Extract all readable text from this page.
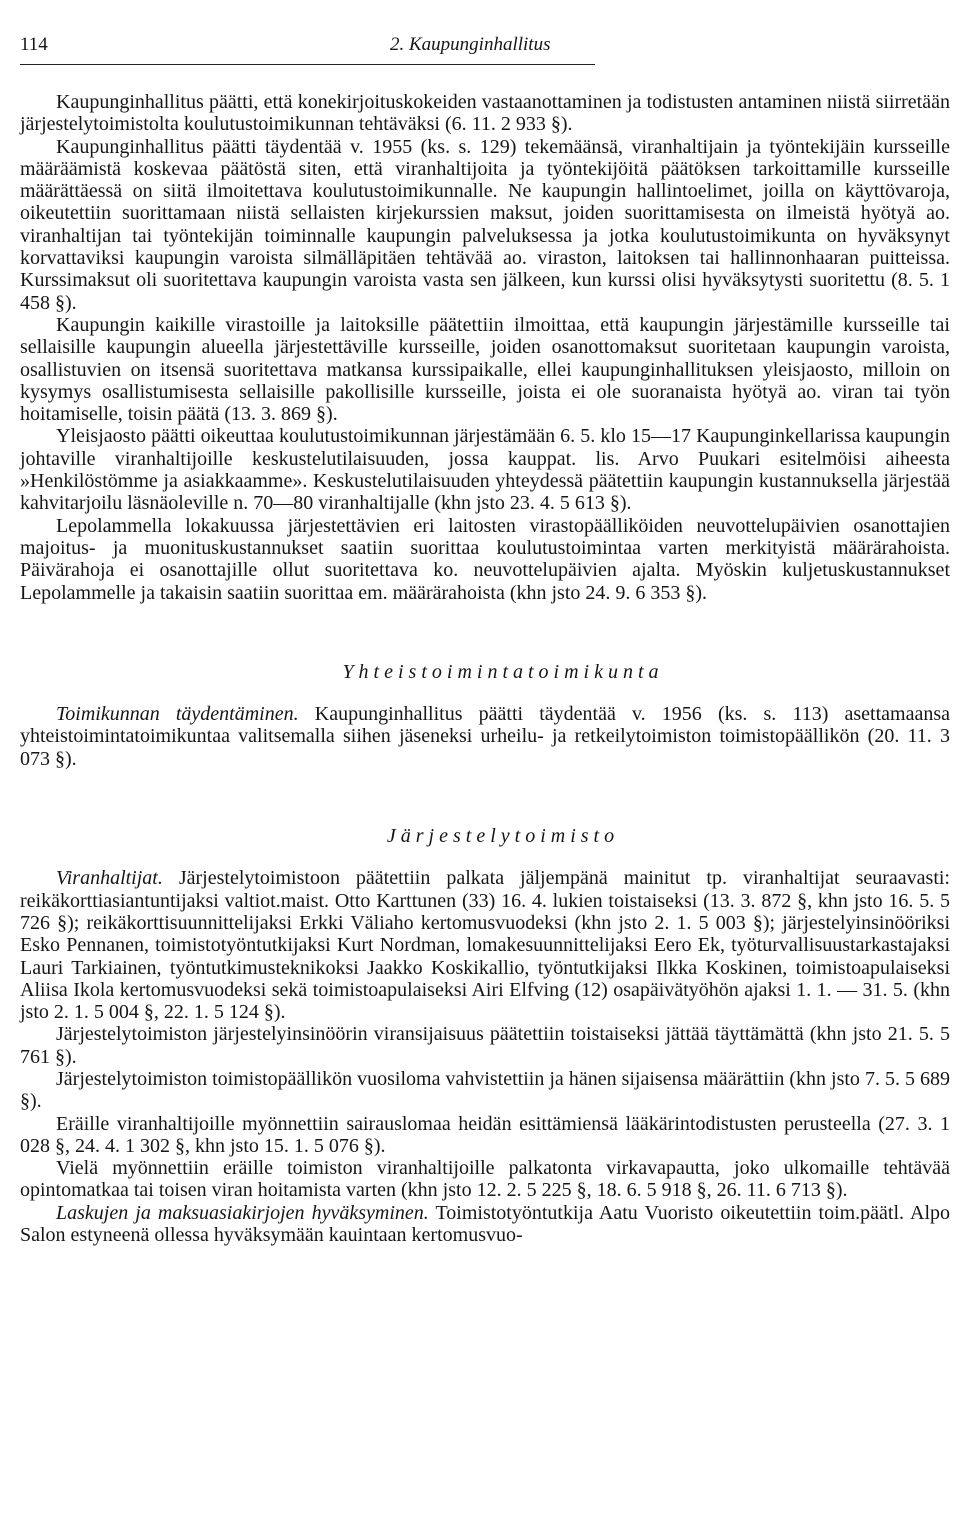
114	2. Kaupunginhallitus

Kaupunginhallitus päätti, että konekirjoituskokeiden vastaanottaminen ja todistusten antaminen niistä siirretään järjestelytoimistolta koulutustoimikunnan tehtäväksi (6. 11. 2 933 §).

Kaupunginhallitus päätti täydentää v. 1955 (ks. s. 129) tekemäänsä, viranhaltijain ja työntekijäin kursseille määräämistä koskevaa päätöstä siten, että viranhaltijoita ja työntekijöitä päätöksen tarkoittamille kursseille määrättäessä on siitä ilmoitettava koulutustoimikunnalle. Ne kaupungin hallintoelimet, joilla on käyttövaroja, oikeutettiin suorittamaan niistä sellaisten kirjekurssien maksut, joiden suorittamisesta on ilmeistä hyötyä ao. viranhaltijan tai työntekijän toiminnalle kaupungin palveluksessa ja jotka koulutustoimikunta on hyväksynyt korvattaviksi kaupungin varoista silmälläpitäen tehtävää ao. viraston, laitoksen tai hallinnonhaaran puitteissa. Kurssimaksut oli suoritettava kaupungin varoista vasta sen jälkeen, kun kurssi olisi hyväksytysti suoritettu (8. 5. 1 458 §).

Kaupungin kaikille virastoille ja laitoksille päätettiin ilmoittaa, että kaupungin järjestämille kursseille tai sellaisille kaupungin alueella järjestettäville kursseille, joiden osanottomaksut suoritetaan kaupungin varoista, osallistuvien on itsensä suoritettava matkansa kurssipaikalle, ellei kaupunginhallituksen yleisjaosto, milloin on kysymys osallistumisesta sellaisille pakollisille kursseille, joista ei ole suoranaista hyötyä ao. viran tai työn hoitamiselle, toisin päätä (13. 3. 869 §).

Yleisjaosto päätti oikeuttaa koulutustoimikunnan järjestämään 6. 5. klo 15—17 Kaupunginkellarissa kaupungin johtaville viranhaltijoille keskustelutilaisuuden, jossa kauppat. lis. Arvo Puukari esitelmöisi aiheesta »Henkilöstömme ja asiakkaamme». Keskustelutilaisuuden yhteydessä päätettiin kaupungin kustannuksella järjestää kahvitarjoilu läsnäoleville n. 70—80 viranhaltijalle (khn jsto 23. 4. 5 613 §).

Lepolammella lokakuussa järjestettävien eri laitosten virastopäälliköiden neuvottelupäivien osanottajien majoitus- ja muonituskustannukset saatiin suorittaa koulutustoimintaa varten merkityistä määrärahoista. Päivärahoja ei osanottajille ollut suoritettava ko. neuvottelupäivien ajalta. Myöskin kuljetuskustannukset Lepolammelle ja takaisin saatiin suorittaa em. määrärahoista (khn jsto 24. 9. 6 353 §).

Yhteistoimintatoimikunta

Toimikunnan täydentäminen. Kaupunginhallitus päätti täydentää v. 1956 (ks. s. 113) asettamaansa yhteistoimintatoimikuntaa valitsemalla siihen jäseneksi urheilu- ja retkeilytoimiston toimistopäällikön (20. 11. 3 073 §).

Järjestelytoimisto

Viranhaltijat. Järjestelytoimistoon päätettiin palkata jäljempänä mainitut tp. viranhaltijat seuraavasti: reikäkorttiasiantuntijaksi valtiot.maist. Otto Karttunen (33) 16. 4. lukien toistaiseksi (13. 3. 872 §, khn jsto 16. 5. 5 726 §); reikäkorttisuunnittelijaksi Erkki Väliaho kertomusvuodeksi (khn jsto 2. 1. 5 003 §); järjestelyinsinööriksi Esko Pennanen, toimistotyöntutkijaksi Kurt Nordman, lomakesuunnittelijaksi Eero Ek, työturvallisuustarkastajaksi Lauri Tarkiainen, työntutkimusteknikoksi Jaakko Koskikallio, työntutkijaksi Ilkka Koskinen, toimistoapulaiseksi Aliisa Ikola kertomusvuodeksi sekä toimistoapulaiseksi Airi Elfving (12) osapäivätyöhön ajaksi 1. 1. — 31. 5. (khn jsto 2. 1. 5 004 §, 22. 1. 5 124 §).

Järjestelytoimiston järjestelyinsinöörin viransijaisuus päätettiin toistaiseksi jättää täyttämättä (khn jsto 21. 5. 5 761 §).

Järjestelytoimiston toimistopäällikön vuosiloma vahvistettiin ja hänen sijaisensa määrättiin (khn jsto 7. 5. 5 689 §).

Eräille viranhaltijoille myönnettiin sairauslomaa heidän esittämiensä lääkärintodistusten perusteella (27. 3. 1 028 §, 24. 4. 1 302 §, khn jsto 15. 1. 5 076 §).

Vielä myönnettiin eräille toimiston viranhaltijoille palkatonta virkavapautta, joko ulkomaille tehtävää opintomatkaa tai toisen viran hoitamista varten (khn jsto 12. 2. 5 225 §, 18. 6. 5 918 §, 26. 11. 6 713 §).

Laskujen ja maksuasiakirjojen hyväksyminen. Toimistotyöntutkija Aatu Vuoristo oikeutettiin toim.päätl. Alpo Salon estyneenä ollessa hyväksymään kauintaan kertomusvuo-
